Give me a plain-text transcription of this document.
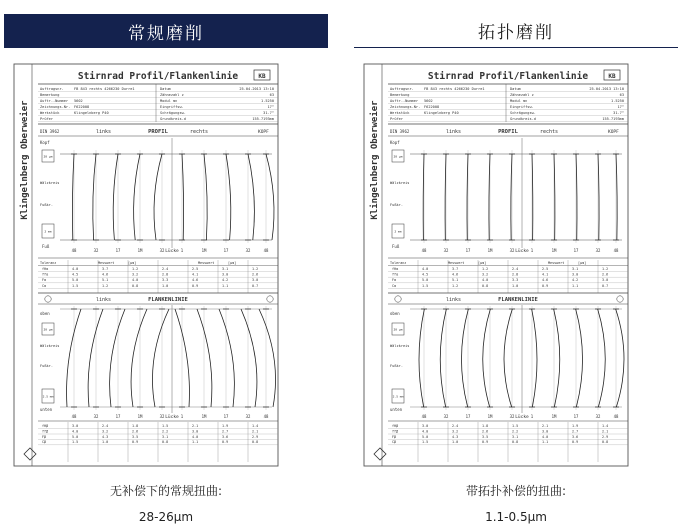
常规磨削
Klingelnberg Oberweier
Stirnrad Profil/Flankenlinie	KB
Auftragsnr.	FB 843 rechts 4266230 Durre1	Datum	25.04.2013 13:10
Bemerkung	Zähnezahl z	63
Auftr.-Nummer 5602	Modul mn	1.5250
Zeichnungs-Nr. F622008	Eingriffsw.	17°
Werkstück	Klingelnberg P40	Schrägungsw.	31.7°
Prüfer	Grundkreis-d	155.7193mm
DIN 3962	links	PROFIL	rechts	KOPF
20 µm
Kopf
Wälzkreis
Fußkr.
2 mm
Fuß
48	32	17	1M	32	1	1M	17	32	48
Lücke
Toleranz	Messwert	[µm]	Messwert	[µm]
fHα	4.0	3.7	1.2	2.4	2.5	3.1	1.2
ffα	4.5	4.6	3.2	2.8	4.1	3.0	2.6
Fα	5.0	5.1	4.0	3.3	4.6	4.2	3.0
Cα	1.5	1.2	0.8	1.0	0.9	1.1	0.7
links	FLANKENLINIE
oben
20 µm
Wälzkreis
Fußkr.
2.5 mm
unten
48	32	17	1M	32	1	1M	17	32	48
Lücke
fHβ	3.0	2.4	1.8	1.5	2.1	1.9	1.4
ffβ	4.0	3.2	2.6	2.2	3.0	2.7	2.1
Fβ	5.0	4.3	3.5	3.1	4.0	3.6	2.9
Cβ	1.5	1.0	0.9	0.8	1.1	0.9	0.8
无补偿下的常规扭曲:
28-26μm
拓扑磨削
Klingelnberg Oberweier
Stirnrad Profil/Flankenlinie	KB
Auftragsnr.	FB 843 rechts 4266230 Durre1	Datum	25.04.2013 13:10
Bemerkung	Zähnezahl z	63
Auftr.-Nummer 5602	Modul mn	1.5250
Zeichnungs-Nr. F622008	Eingriffsw.	17°
Werkstück	Klingelnberg P40	Schrägungsw.	31.7°
Prüfer	Grundkreis-d	155.7193mm
DIN 3962	links	PROFIL	rechts	KOPF
20 µm
Kopf
Wälzkreis
Fußkr.
2 mm
Fuß
48	32	17	1M	32	1	1M	17	32	48
Lücke
Toleranz	Messwert	[µm]	Messwert	[µm]
fHα	4.0	3.7	1.2	2.4	2.5	3.1	1.2
ffα	4.5	4.6	3.2	2.8	4.1	3.0	2.6
Fα	5.0	5.1	4.0	3.3	4.6	4.2	3.0
Cα	1.5	1.2	0.8	1.0	0.9	1.1	0.7
links	FLANKENLINIE
oben
20 µm
Wälzkreis
Fußkr.
2.5 mm
unten
48	32	17	1M	32	1	1M	17	32	48
Lücke
fHβ	3.0	2.4	1.8	1.5	2.1	1.9	1.4
ffβ	4.0	3.2	2.6	2.2	3.0	2.7	2.1
Fβ	5.0	4.3	3.5	3.1	4.0	3.6	2.9
Cβ	1.5	1.0	0.9	0.8	1.1	0.9	0.8
带拓扑补偿的扭曲:
1.1-0.5μm
